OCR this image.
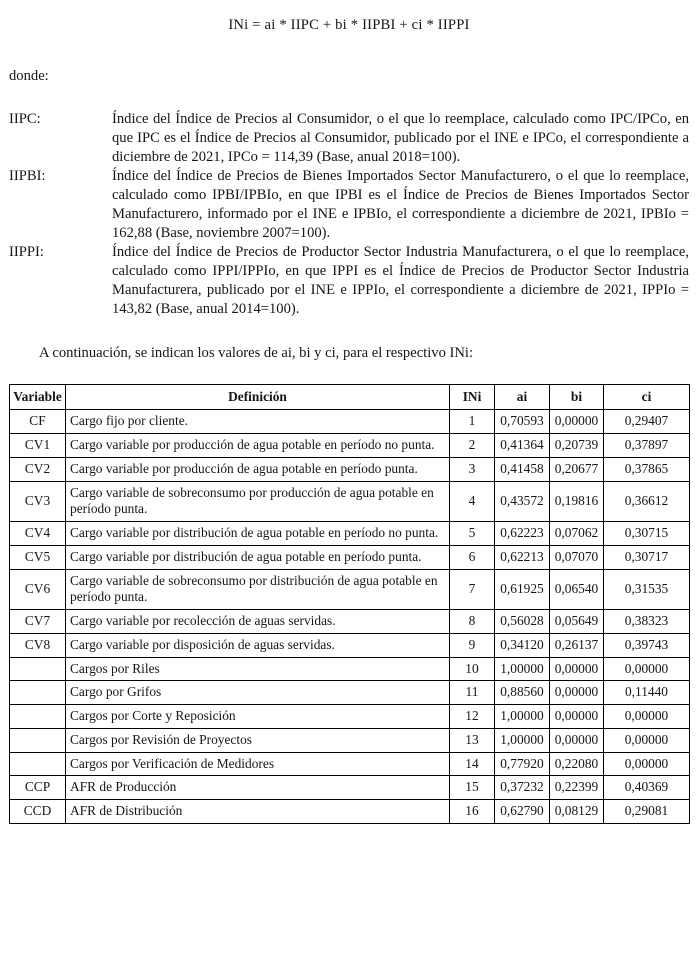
INi = ai * IIPC + bi * IIPBI + ci * IIPPI
donde:
IIPC:	Índice del Índice de Precios al Consumidor, o el que lo reemplace, calculado como IPC/IPCo, en que IPC es el Índice de Precios al Consumidor, publicado por el INE e IPCo, el correspondiente a diciembre de 2021, IPCo = 114,39 (Base, anual 2018=100).
IIPBI:	Índice del Índice de Precios de Bienes Importados Sector Manufacturero, o el que lo reemplace, calculado como IPBI/IPBIo, en que IPBI es el Índice de Precios de Bienes Importados Sector Manufacturero, informado por el INE e IPBIo, el correspondiente a diciembre de 2021, IPBIo = 162,88 (Base, noviembre 2007=100).
IIPPI:	Índice del Índice de Precios de Productor Sector Industria Manufacturera, o el que lo reemplace, calculado como IPPI/IPPIo, en que IPPI es el Índice de Precios de Productor Sector Industria Manufacturera, publicado por el INE e IPPIo, el correspondiente a diciembre de 2021, IPPIo = 143,82 (Base, anual 2014=100).

A continuación, se indican los valores de ai, bi y ci, para el respectivo INi:

Variable	Definición	INi	ai	bi	ci
CF	Cargo fijo por cliente.	1	0,70593	0,00000	0,29407
CV1	Cargo variable por producción de agua potable en período no punta.	2	0,41364	0,20739	0,37897
CV2	Cargo variable por producción de agua potable en período punta.	3	0,41458	0,20677	0,37865
CV3	Cargo variable de sobreconsumo por producción de agua potable en período punta.	4	0,43572	0,19816	0,36612
CV4	Cargo variable por distribución de agua potable en período no punta.	5	0,62223	0,07062	0,30715
CV5	Cargo variable por distribución de agua potable en período punta.	6	0,62213	0,07070	0,30717
CV6	Cargo variable de sobreconsumo por distribución de agua potable en período punta.	7	0,61925	0,06540	0,31535
CV7	Cargo variable por recolección de aguas servidas.	8	0,56028	0,05649	0,38323
CV8	Cargo variable por disposición de aguas servidas.	9	0,34120	0,26137	0,39743
	Cargos por Riles	10	1,00000	0,00000	0,00000
	Cargo por Grifos	11	0,88560	0,00000	0,11440
	Cargos por Corte y Reposición	12	1,00000	0,00000	0,00000
	Cargos por Revisión de Proyectos	13	1,00000	0,00000	0,00000
	Cargos por Verificación de Medidores	14	0,77920	0,22080	0,00000
CCP	AFR de Producción	15	0,37232	0,22399	0,40369
CCD	AFR de Distribución	16	0,62790	0,08129	0,29081
